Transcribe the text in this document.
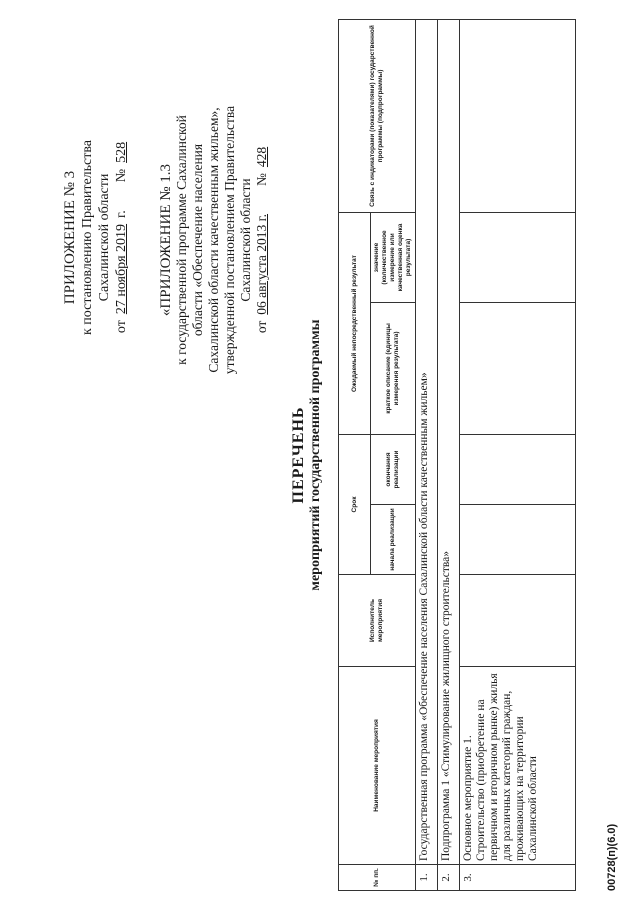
ПРИЛОЖЕНИЕ № 3 к постановлению Правительства Сахалинской области
от
27 ноября 2019
г.
№
528
«ПРИЛОЖЕНИЕ № 1.3 к государственной программе Сахалинской области «Обеспечение населения Сахалинской области качественным жильем», утвержденной постановлением Правительства Сахалинской области
от
06 августа 2013 г.
№
428
ПЕРЕЧЕНЬ мероприятий государственной программы
№ пп.	Наименование мероприятия	Исполнитель мероприятия	Срок		Ожидаемый непосредственный результат		Связь с индикаторами (показателями) государственной программы (подпрограммы)
			начала реализации	окончания реализации	краткое описание (единицы измерения результата)	значение (количественное измерение или качественная оценка результата)	
1.	Государственная программа «Обеспечение населения Сахалинской области качественным жильем»						
2.	Подпрограмма 1 «Стимулирование жилищного строительства»						
3.	Основное мероприятие 1. Строительство (приобретение на первичном и вторичном рынке) жилья для различных категорий граждан, проживающих на территории Сахалинской области							00728(п)(6.0)
